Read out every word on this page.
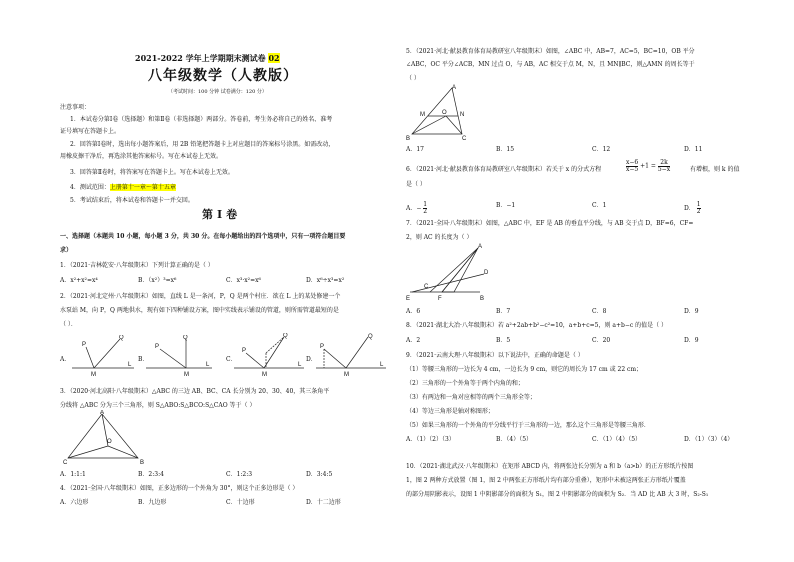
2021-2022 学年上学期期末测试卷 02
八年级数学（人教版）
（考试时间：100 分钟 试卷满分：120 分）
注意事项：
1．本试卷分第Ⅰ卷（选择题）和第Ⅱ卷（非选择题）两部分。答卷前，考生务必将自己的姓名、准考
证号填写在答题卡上。
2．回答第Ⅰ卷时，选出每小题答案后，用 2B 铅笔把答题卡上对应题目的答案标号涂黑。如需改动，
用橡皮擦干净后，再选涂其他答案标号。写在本试卷上无效。
3．回答第Ⅱ卷时，将答案写在答题卡上。写在本试卷上无效。
4．测试范围：上册第十一章～第十五章
5．考试结束后，将本试卷和答题卡一并交回。
第Ⅰ卷
一、选择题（本题共 10 小题，每小题 3 分，共 30 分。在每小题给出的四个选项中，只有一项符合题目要
求）
1．（2021·吉林乾安·八年级期末）下列计算正确的是（ ）
A．x²+x²=x⁴	B．（x²）³=x⁶	C．x³·x²=x⁶	D．x⁶÷x³=x²
2．（2021·河北定州·八年级期末）如图，直线 L 是一条河，P，Q 是两个村庄．欲在 L 上的某处修建一个
水泵站 M，向 P，Q 两地供水，现有如下四种铺设方案，图中实线表示铺设的管道，则所需管道最短的是
（ ）．
A．
P
Q
M
L
B．
P
Q
M
L
C．
P
Q
M
L
D．
P
Q
M
L
3．（2020·河北高阳·八年级期末）△ABC 的三边 AB、BC、CA 长分别为 20、30、40，其三条角平
分线将 △ABC 分为三个三角形，则 S△ABO:S△BCO:S△CAO 等于（ ）
A
C	B
O
A．1:1:1	B．2:3:4	C．1:2:3	D．3:4:5
4．（2021·全国·八年级期末）如图，正多边形的一个外角为 30°，则这个正多边形是（ ）
A．六边形	B．九边形	C．十边形	D．十二边形
5．（2021·河北·献县教育体育局教研室八年级期末）如图，∠ABC 中，AB=7，AC=5，BC=10，OB 平分
∠ABC，OC 平分∠ACB，MN 过点 O，与 AB，AC 相交于点 M，N，且 MN∥BC，则△AMN 的周长等于
（ ）
A
M	N
O
B	C
A．17	B．15	C．12	D．11
6．（2021·河北·献县教育体育局教研室八年级期末）若关于 x 的分式方程	$\frac{x-6}{x-5} +1 = \frac{2k}{5-x}$	有增根，则 k 的值
是（ ）
A．− $\frac{1}{2}$	B．−1	C．1	D． $\frac{1}{2}$
7．（2021·全国·八年级期末）如图，△ABC 中，EF 是 AB 的垂直平分线，与 AB 交于点 D，BF=6，CF=
2，则 AC 的长度为（ ）
A
E
C
F
D
B
A．6	B．7	C．8	D．9
8．（2021·湖北大冶·八年级期末）若 a²+2ab+b²−c²=10，a+b+c=5，则 a+b−c 的值是（ ）
A．2	B．5	C．20	D．9
9．（2021·云南大理·八年级期末）以下说法中，正确的命题是（ ）
（1）等腰三角形的一边长为 4 cm，一边长为 9 cm，则它的周长为 17 cm 或 22 cm；
（2）三角形的一个外角等于两个内角的和；
（3）有两边和一角对应相等的两个三角形全等；
（4）等边三角形是轴对称图形；
（5）如果三角形的一个外角的平分线平行于三角形的一边，那么这个三角形是等腰三角形．
A．（1）（2）（3）	B．（4）（5）	C．（1）（4）（5）	D．（1）（3）（4）
10．（2021·湖北武汉·八年级期末）在矩形 ABCD 内，将两张边长分别为 a 和 b（a>b）的正方形纸片按图
1，图 2 两种方式放置（图 1，图 2 中两张正方形纸片均有部分重叠），矩形中未被这两张正方形纸片覆盖
的部分用阴影表示，设图 1 中阴影部分的面积为 S₁，图 2 中阴影部分的面积为 S₂．当 AD 比 AB 大 3 时，S₂-S₁
